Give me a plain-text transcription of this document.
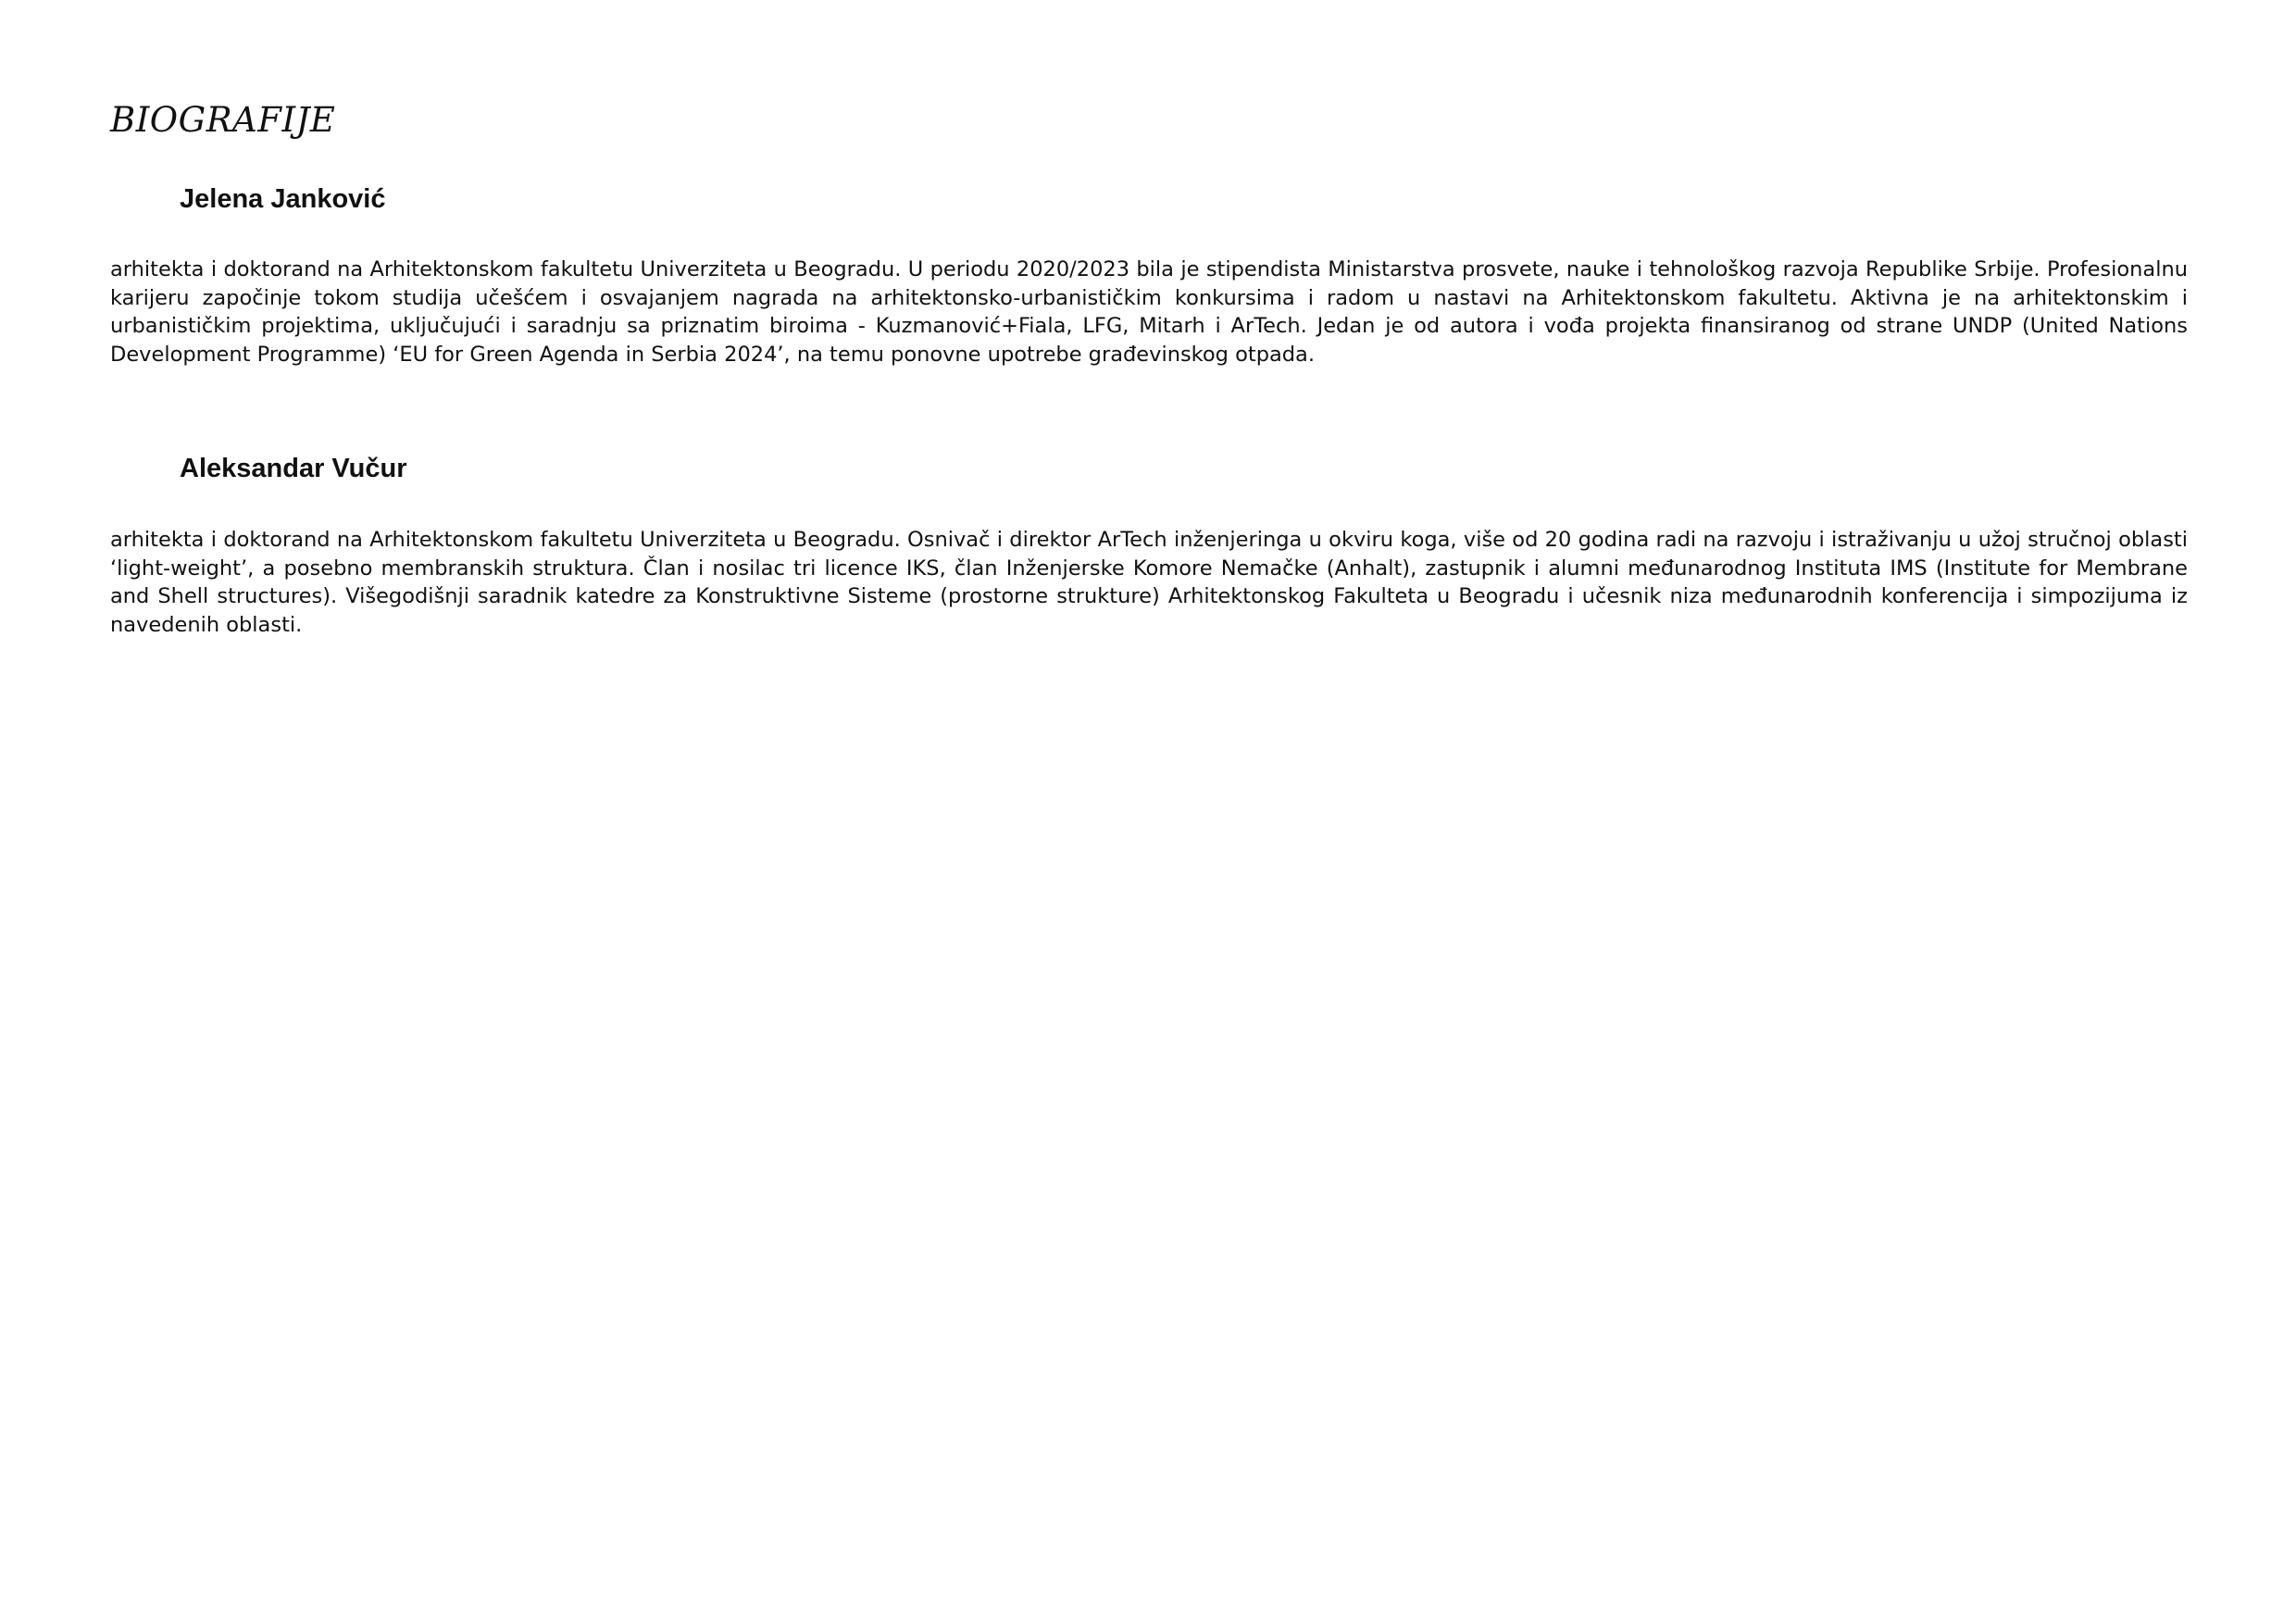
BIOGRAFIJE
Jelena Janković

arhitekta i doktorand na Arhitektonskom fakultetu Univerziteta u Beogradu. U periodu 2020/2023 bila je stipendista Ministarstva prosvete, nauke i tehnološkog razvoja Republike Srbije. Profesionalnu karijeru započinje tokom studija učešćem i osvajanjem nagrada na arhitektonsko-urbanističkim konkursima i radom u nastavi na Arhitektonskom fakultetu. Aktivna je na arhitektonskim i urbanističkim projektima, uključujući i saradnju sa priznatim biroima - Kuzmanović+Fiala, LFG, Mitarh i ArTech. Jedan je od autora i vođa projekta finansiranog od strane UNDP (United Nations Development Programme) ‘EU for Green Agenda in Serbia 2024’, na temu ponovne upotrebe građevinskog otpada.

Aleksandar Vučur

arhitekta i doktorand na Arhitektonskom fakultetu Univerziteta u Beogradu. Osnivač i direktor ArTech inženjeringa u okviru koga, više od 20 godina radi na razvoju i istraživanju u užoj stručnoj oblasti ‘light-weight’, a posebno membranskih struktura. Član i nosilac tri licence IKS, član Inženjerske Komore Nemačke (Anhalt), zastupnik i alumni međunarodnog Instituta IMS (Institute for Membrane and Shell structures). Višegodišnji saradnik katedre za Konstruktivne Sisteme (prostorne strukture) Arhitektonskog Fakulteta u Beogradu i učesnik niza međunarodnih konferencija i simpozijuma iz navedenih oblasti.
